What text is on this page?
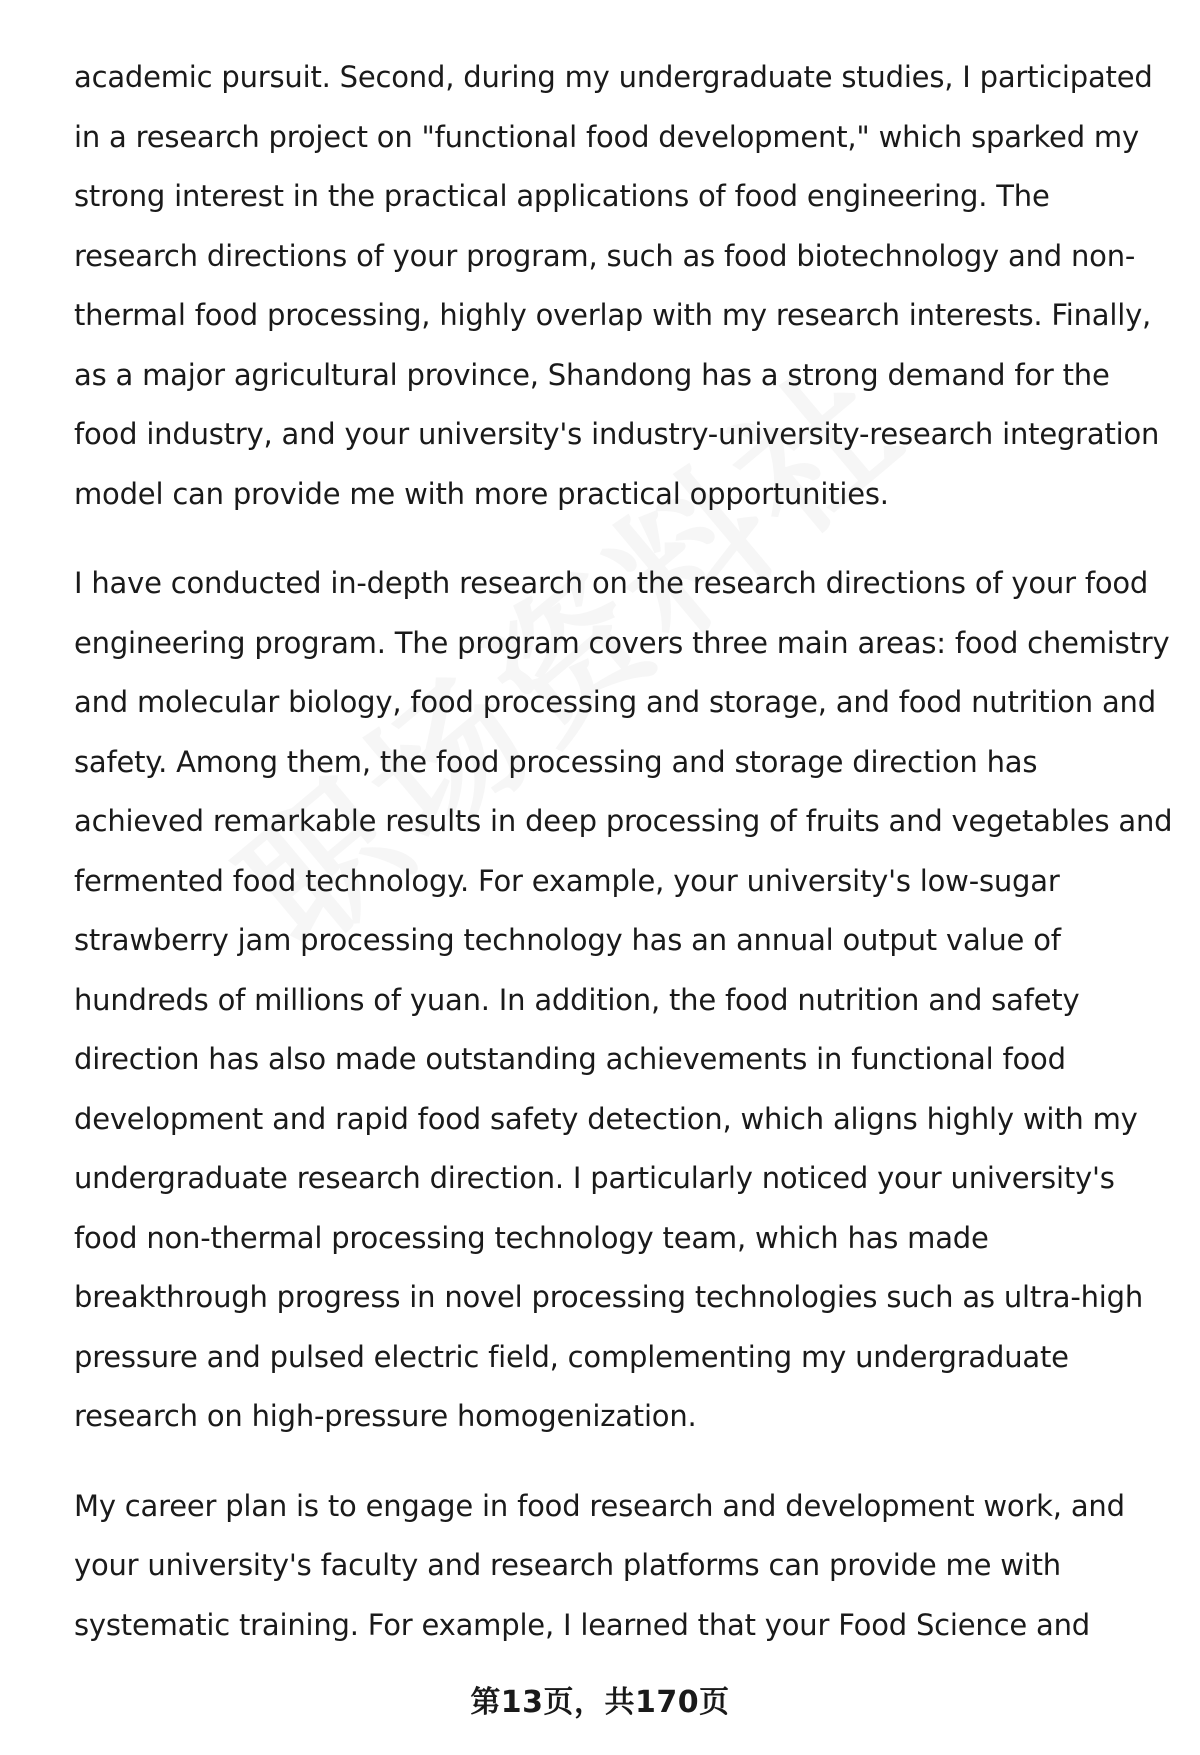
academic pursuit. Second, during my undergraduate studies, I participated
in a research project on "functional food development," which sparked my
strong interest in the practical applications of food engineering. The
research directions of your program, such as food biotechnology and non-
thermal food processing, highly overlap with my research interests. Finally,
as a major agricultural province, Shandong has a strong demand for the
food industry, and your university's industry-university-research integration
model can provide me with more practical opportunities.

I have conducted in-depth research on the research directions of your food
engineering program. The program covers three main areas: food chemistry
and molecular biology, food processing and storage, and food nutrition and
safety. Among them, the food processing and storage direction has
achieved remarkable results in deep processing of fruits and vegetables and
fermented food technology. For example, your university's low-sugar
strawberry jam processing technology has an annual output value of
hundreds of millions of yuan. In addition, the food nutrition and safety
direction has also made outstanding achievements in functional food
development and rapid food safety detection, which aligns highly with my
undergraduate research direction. I particularly noticed your university's
food non-thermal processing technology team, which has made
breakthrough progress in novel processing technologies such as ultra-high
pressure and pulsed electric field, complementing my undergraduate
research on high-pressure homogenization.

My career plan is to engage in food research and development work, and
your university's faculty and research platforms can provide me with
systematic training. For example, I learned that your Food Science and

第13页，共170页
